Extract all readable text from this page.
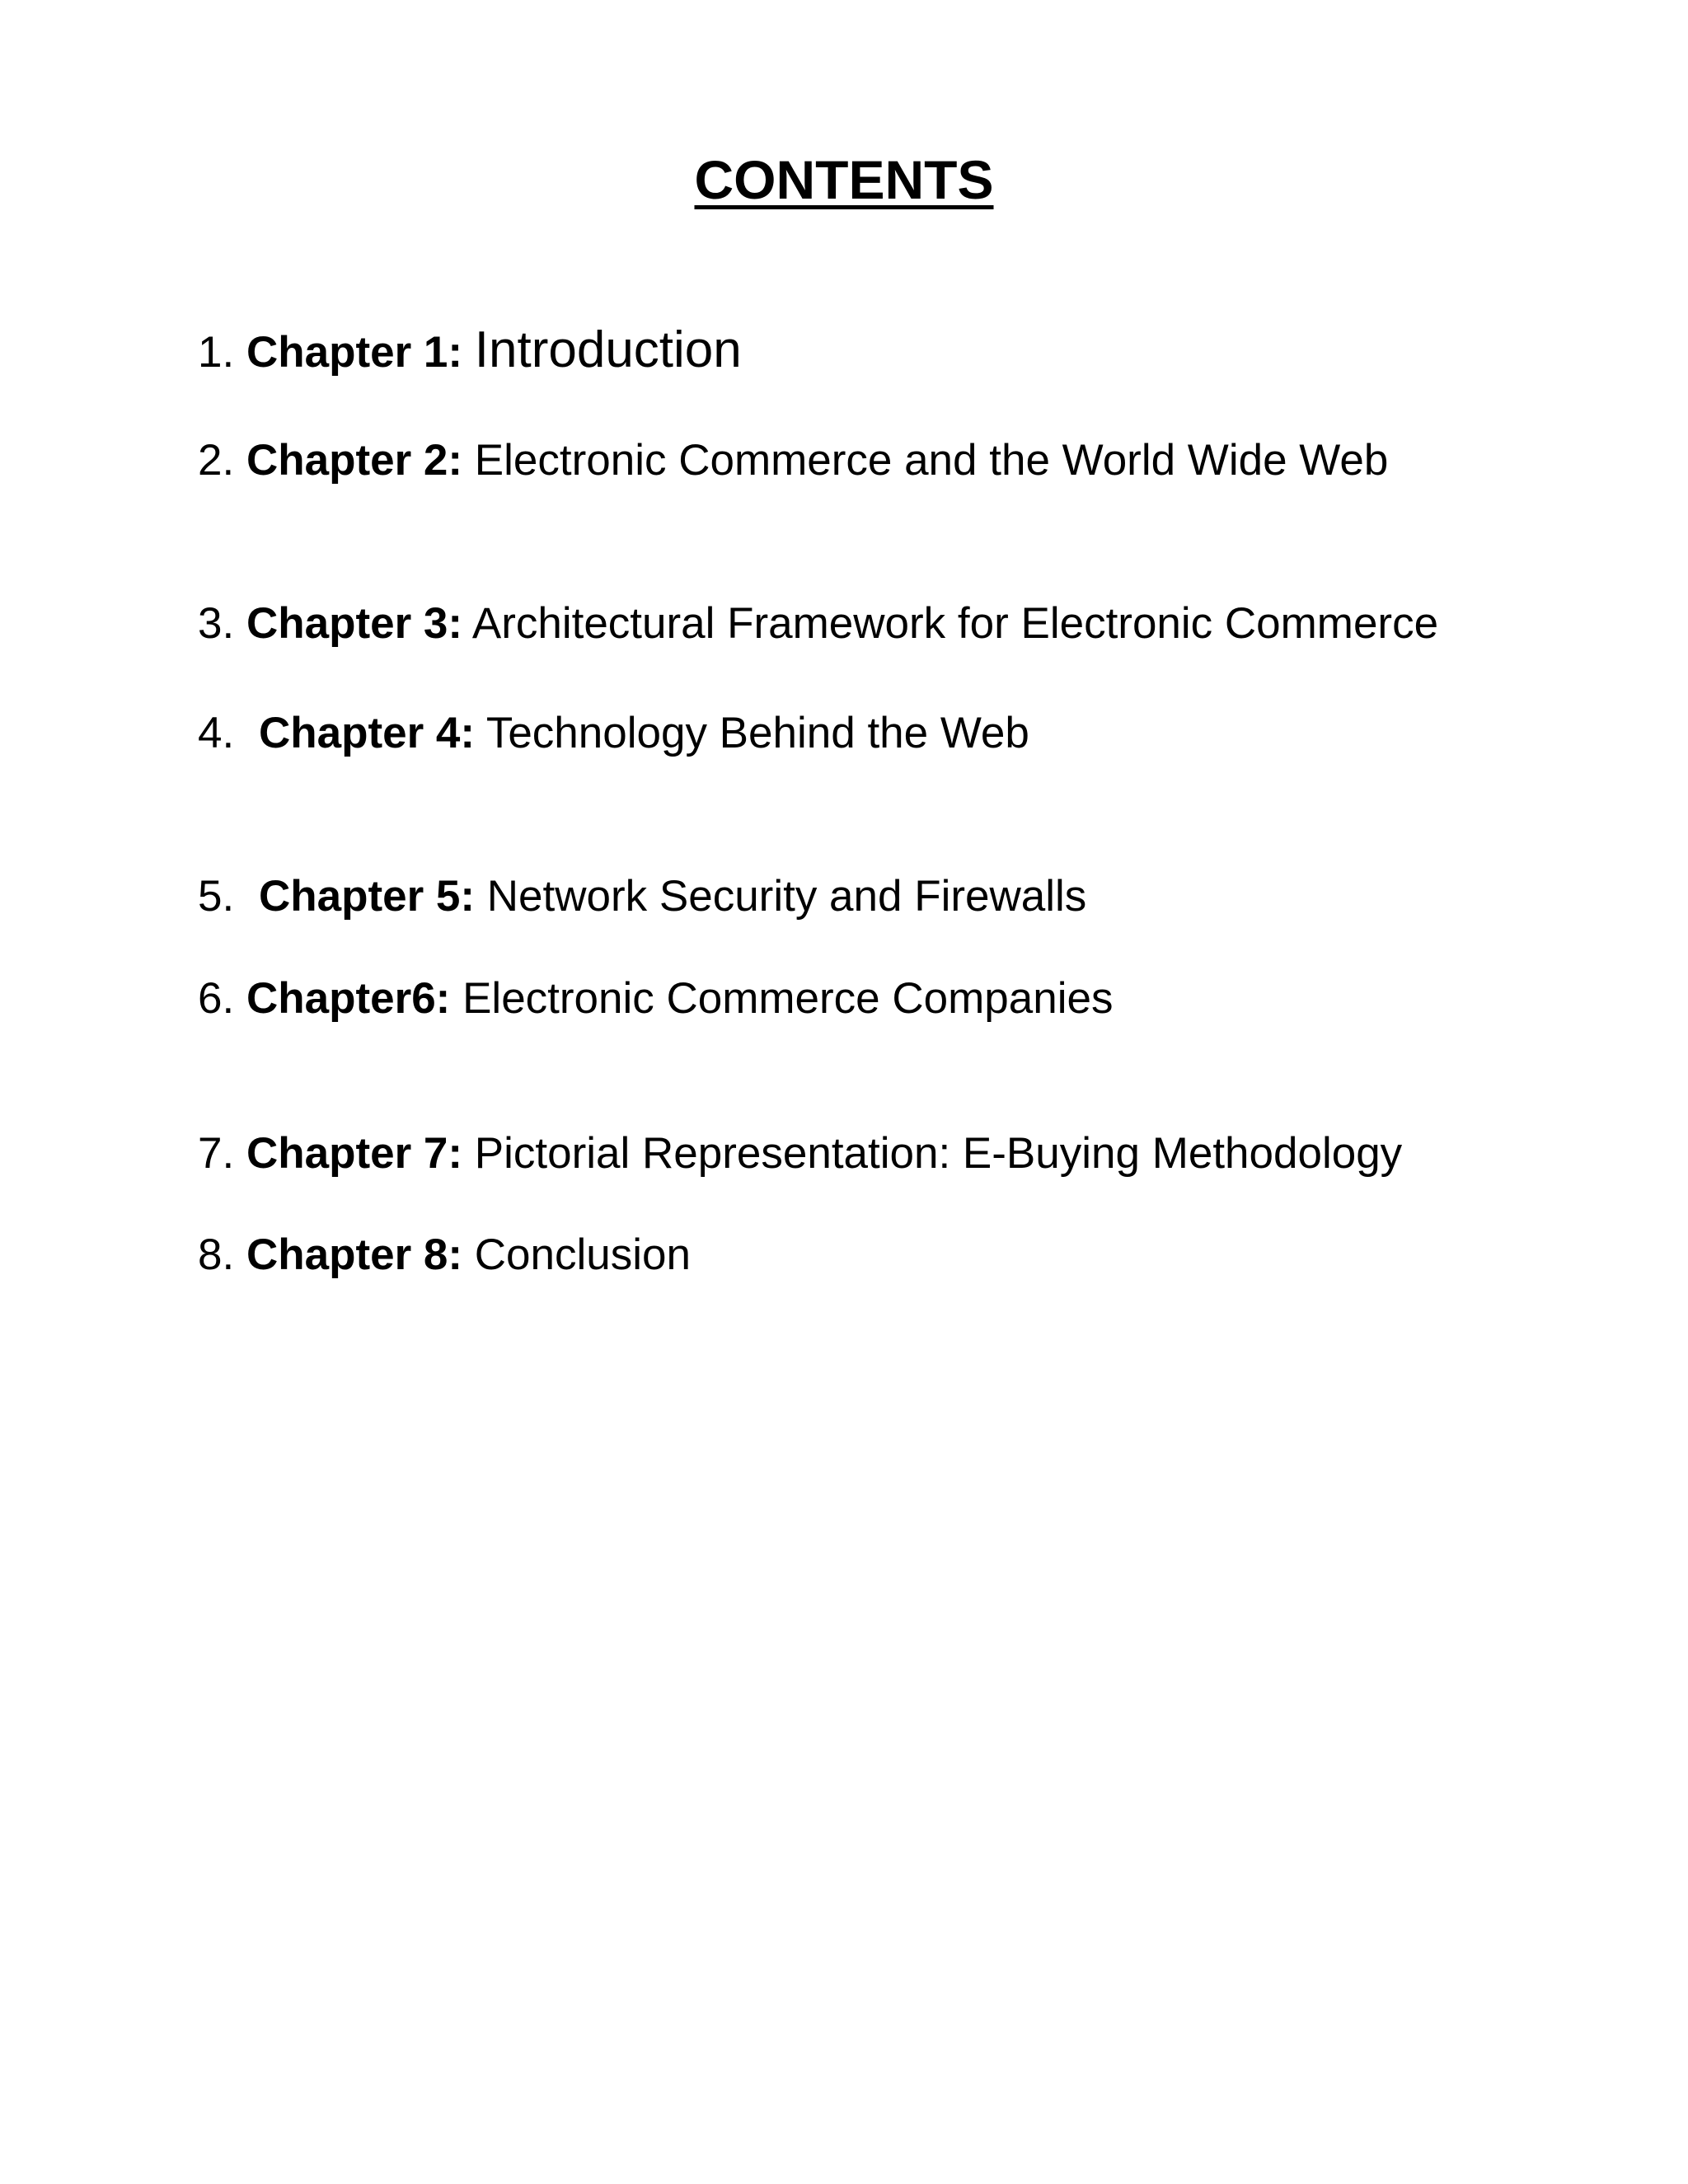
CONTENTS
1. Chapter 1: Introduction
2. Chapter 2: Electronic Commerce and the World Wide Web
3. Chapter 3: Architectural Framework for Electronic Commerce
4. Chapter 4: Technology Behind the Web
5. Chapter 5: Network Security and Firewalls
6. Chapter6: Electronic Commerce Companies
7. Chapter 7: Pictorial Representation: E-Buying Methodology
8. Chapter 8: Conclusion
